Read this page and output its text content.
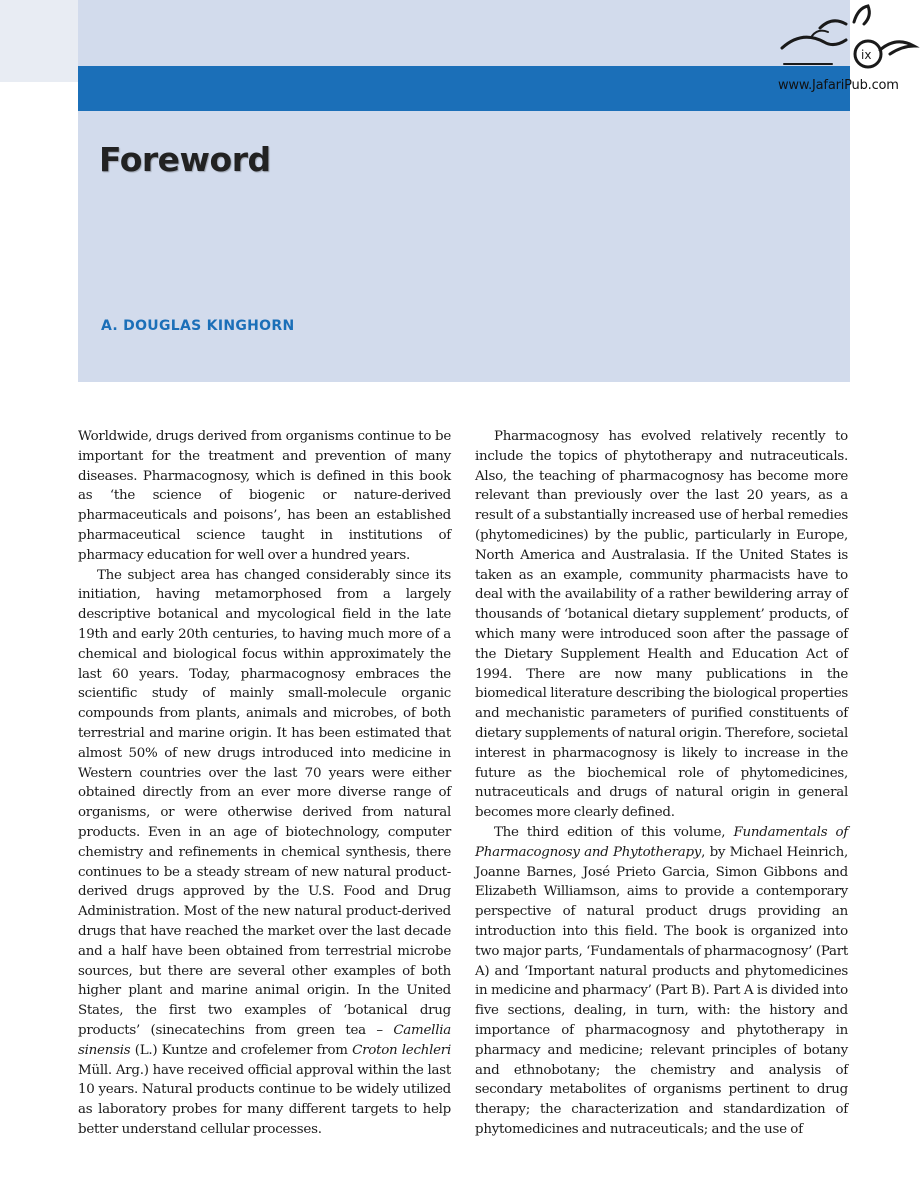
ix
www.JafariPub.com
Foreword
A. DOUGLAS KINGHORN

Worldwide, drugs derived from organisms continue to be important for the treatment and prevention of many diseases. Pharmacognosy, which is defined in this book as ‘the science of biogenic or nature-derived pharmaceuticals and poisons’, has been an established pharmaceutical science taught in institutions of pharmacy education for well over a hundred years.

The subject area has changed considerably since its initiation, having metamorphosed from a largely descriptive botanical and mycological field in the late 19th and early 20th centuries, to having much more of a chemical and biological focus within approximately the last 60 years. Today, pharmacognosy embraces the scientific study of mainly small-molecule organic compounds from plants, animals and microbes, of both terrestrial and marine origin. It has been estimated that almost 50% of new drugs introduced into medicine in Western countries over the last 70 years were either obtained directly from an ever more diverse range of organisms, or were otherwise derived from natural products. Even in an age of biotechnology, computer chemistry and refinements in chemical synthesis, there continues to be a steady stream of new natural product-derived drugs approved by the U.S. Food and Drug Administration. Most of the new natural product-derived drugs that have reached the market over the last decade and a half have been obtained from terrestrial microbe sources, but there are several other examples of both higher plant and marine animal origin. In the United States, the first two examples of ‘botanical drug products’ (sinecatechins from green tea – Camellia sinensis (L.) Kuntze and crofelemer from Croton lechleri Müll. Arg.) have received official approval within the last 10 years. Natural products continue to be widely utilized as laboratory probes for many different targets to help better understand cellular processes.

Pharmacognosy has evolved relatively recently to include the topics of phytotherapy and nutraceuticals. Also, the teaching of pharmacognosy has become more relevant than previously over the last 20 years, as a result of a substantially increased use of herbal remedies (phytomedicines) by the public, particularly in Europe, North America and Australasia. If the United States is taken as an example, community pharmacists have to deal with the availability of a rather bewildering array of thousands of ‘botanical dietary supplement’ products, of which many were introduced soon after the passage of the Dietary Supplement Health and Education Act of 1994. There are now many publications in the biomedical literature describing the biological properties and mechanistic parameters of purified constituents of dietary supplements of natural origin. Therefore, societal interest in pharmacognosy is likely to increase in the future as the biochemical role of phytomedicines, nutraceuticals and drugs of natural origin in general becomes more clearly defined.

The third edition of this volume, Fundamentals of Pharmacognosy and Phytotherapy, by Michael Heinrich, Joanne Barnes, José Prieto Garcia, Simon Gibbons and Elizabeth Williamson, aims to provide a contemporary perspective of natural product drugs providing an introduction into this field. The book is organized into two major parts, ‘Fundamentals of pharmacognosy’ (Part A) and ‘Important natural products and phytomedicines in medicine and pharmacy’ (Part B). Part A is divided into five sections, dealing, in turn, with: the history and importance of pharmacognosy and phytotherapy in pharmacy and medicine; relevant principles of botany and ethnobotany; the chemistry and analysis of secondary metabolites of organisms pertinent to drug therapy; the characterization and standardization of phytomedicines and nutraceuticals; and the use of
